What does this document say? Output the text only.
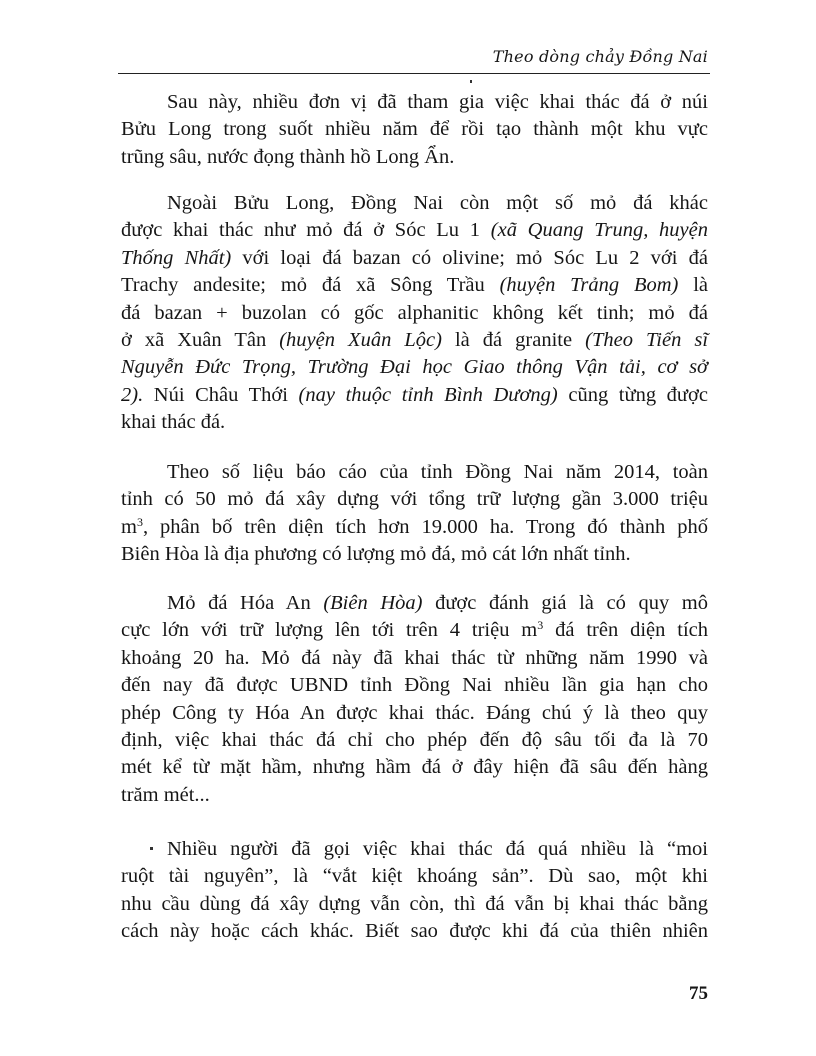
Theo dòng chảy Đồng Nai
Sau này, nhiều đơn vị đã tham gia việc khai thác đá ở núi
Bửu Long trong suốt nhiều năm để rồi tạo thành một khu vực
trũng sâu, nước đọng thành hồ Long Ẩn.
Ngoài Bửu Long, Đồng Nai còn một số mỏ đá khác
được khai thác như mỏ đá ở Sóc Lu 1 (xã Quang Trung, huyện
Thống Nhất) với loại đá bazan có olivine; mỏ Sóc Lu 2 với đá
Trachy andesite; mỏ đá xã Sông Trầu (huyện Trảng Bom) là
đá bazan + buzolan có gốc alphanitic không kết tinh; mỏ đá
ở xã Xuân Tân (huyện Xuân Lộc) là đá granite (Theo Tiến sĩ
Nguyễn Đức Trọng, Trường Đại học Giao thông Vận tải, cơ sở
2). Núi Châu Thới (nay thuộc tỉnh Bình Dương) cũng từng được
khai thác đá.
Theo số liệu báo cáo của tỉnh Đồng Nai năm 2014, toàn
tỉnh có 50 mỏ đá xây dựng với tổng trữ lượng gần 3.000 triệu
$m^3$, phân bố trên diện tích hơn 19.000 ha. Trong đó thành phố
Biên Hòa là địa phương có lượng mỏ đá, mỏ cát lớn nhất tỉnh.
Mỏ đá Hóa An (Biên Hòa) được đánh giá là có quy mô
cực lớn với trữ lượng lên tới trên 4 triệu $m^3$ đá trên diện tích
khoảng 20 ha. Mỏ đá này đã khai thác từ những năm 1990 và
đến nay đã được UBND tỉnh Đồng Nai nhiều lần gia hạn cho
phép Công ty Hóa An được khai thác. Đáng chú ý là theo quy
định, việc khai thác đá chỉ cho phép đến độ sâu tối đa là 70
mét kể từ mặt hầm, nhưng hầm đá ở đây hiện đã sâu đến hàng
trăm mét...
Nhiều người đã gọi việc khai thác đá quá nhiều là “moi
ruột tài nguyên”, là “vắt kiệt khoáng sản”. Dù sao, một khi
nhu cầu dùng đá xây dựng vẫn còn, thì đá vẫn bị khai thác bằng
cách này hoặc cách khác. Biết sao được khi đá của thiên nhiên
75
